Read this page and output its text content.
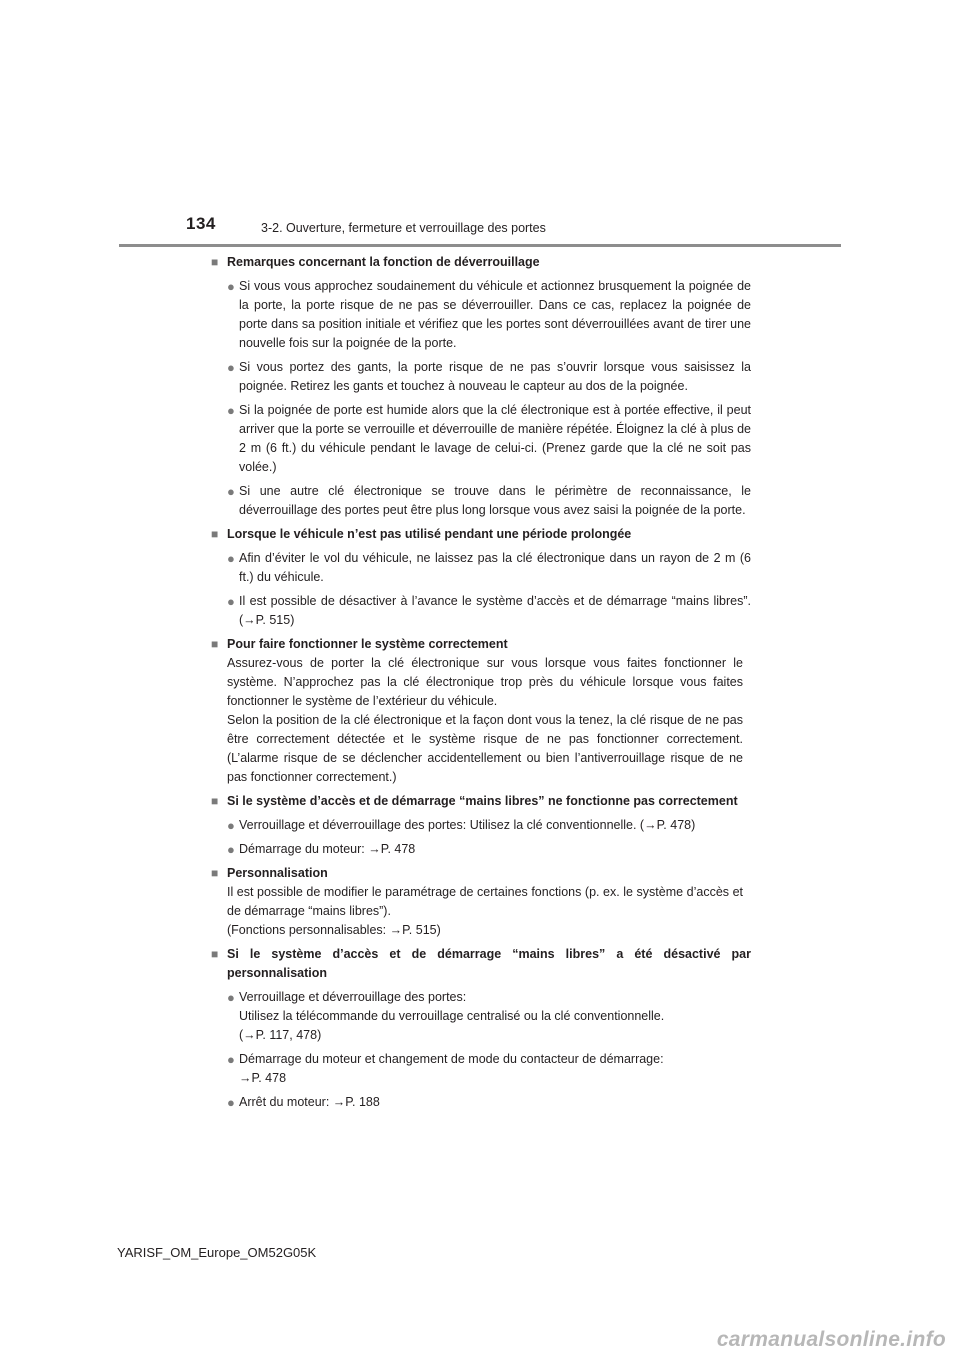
134	3-2. Ouverture, fermeture et verrouillage des portes
■ Remarques concernant la fonction de déverrouillage
● Si vous vous approchez soudainement du véhicule et actionnez brusquement la poignée de la porte, la porte risque de ne pas se déverrouiller. Dans ce cas, replacez la poignée de porte dans sa position initiale et vérifiez que les portes sont déverrouillées avant de tirer une nouvelle fois sur la poignée de la porte.
● Si vous portez des gants, la porte risque de ne pas s’ouvrir lorsque vous saisissez la poignée. Retirez les gants et touchez à nouveau le capteur au dos de la poignée.
● Si la poignée de porte est humide alors que la clé électronique est à portée effective, il peut arriver que la porte se verrouille et déverrouille de manière répétée. Éloignez la clé à plus de 2 m (6 ft.) du véhicule pendant le lavage de celui-ci. (Prenez garde que la clé ne soit pas volée.)
● Si une autre clé électronique se trouve dans le périmètre de reconnaissance, le déverrouillage des portes peut être plus long lorsque vous avez saisi la poignée de la porte.
■ Lorsque le véhicule n’est pas utilisé pendant une période prolongée
● Afin d’éviter le vol du véhicule, ne laissez pas la clé électronique dans un rayon de 2 m (6 ft.) du véhicule.
● Il est possible de désactiver à l’avance le système d’accès et de démarrage “mains libres”. (→P. 515)
■ Pour faire fonctionner le système correctement
Assurez-vous de porter la clé électronique sur vous lorsque vous faites fonctionner le système. N’approchez pas la clé électronique trop près du véhicule lorsque vous faites fonctionner le système de l’extérieur du véhicule.
Selon la position de la clé électronique et la façon dont vous la tenez, la clé risque de ne pas être correctement détectée et le système risque de ne pas fonctionner correctement. (L’alarme risque de se déclencher accidentellement ou bien l’antiverrouillage risque de ne pas fonctionner correctement.)
■ Si le système d’accès et de démarrage “mains libres” ne fonctionne pas correctement
● Verrouillage et déverrouillage des portes: Utilisez la clé conventionnelle. (→P. 478)
● Démarrage du moteur: →P. 478
■ Personnalisation
Il est possible de modifier le paramétrage de certaines fonctions (p. ex. le système d’accès et de démarrage “mains libres”).
(Fonctions personnalisables: →P. 515)
■ Si le système d’accès et de démarrage “mains libres” a été désactivé par personnalisation
● Verrouillage et déverrouillage des portes:
Utilisez la télécommande du verrouillage centralisé ou la clé conventionnelle.
(→P. 117, 478)
● Démarrage du moteur et changement de mode du contacteur de démarrage:
→P. 478
● Arrêt du moteur: →P. 188
YARISF_OM_Europe_OM52G05K
carmanualsonline.info
